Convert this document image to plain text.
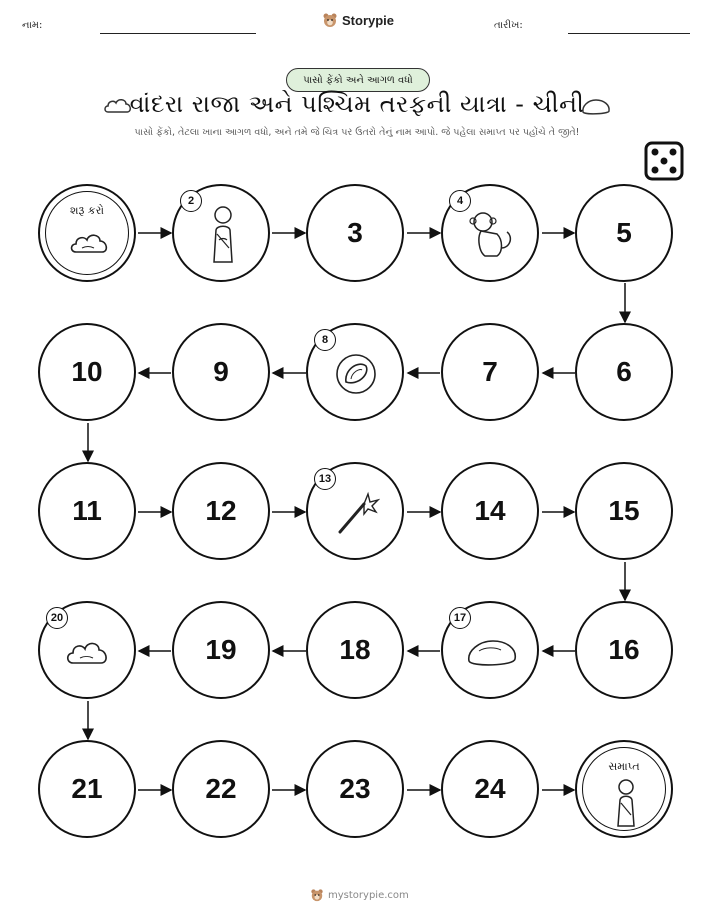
નામ:	Storypie	તારીખ:
પાસો ફેંકો અને આગળ વધો
વાંદરા રાજા અને પશ્ચિમ તરફની યાત્રા - ચીની
પાસો ફેંકો, તેટલા ખાના આગળ વધો, અને તમે જે ચિત્ર પર ઉતરો તેનું નામ આપો. જે પહેલા સમાપ્ત પર પહોંચે તે જીતે!
શરૂ કરો
2
3
4
5
6
7
8
9
10
11	12
13
14	15
16
17
18
19
20
21	22	23	24
સમાપ્ત
mystorypie.com
